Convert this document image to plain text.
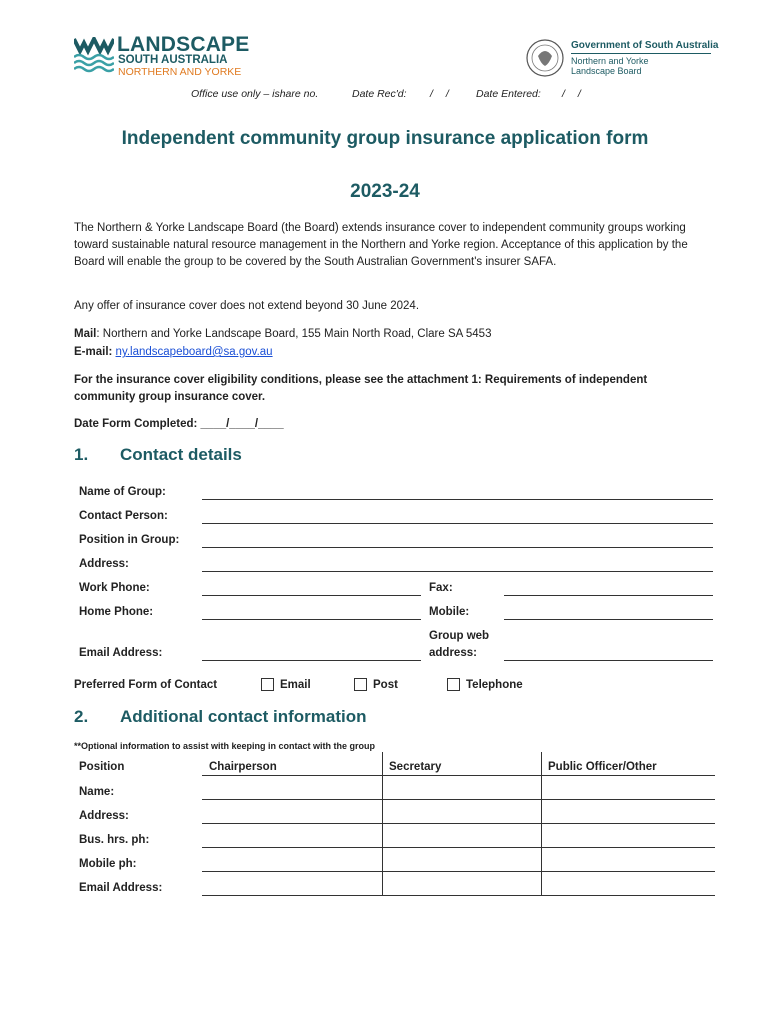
LANDSCAPE
SOUTH AUSTRALIA
NORTHERN AND YORKE
Government of South Australia
Northern and Yorke
Landscape Board
Office use only – ishare no.	Date Rec'd: / /	Date Entered: / /
Independent community group insurance application form
2023-24
The Northern & Yorke Landscape Board (the Board) extends insurance cover to independent community groups working toward sustainable natural resource management in the Northern and Yorke region. Acceptance of this application by the Board will enable the group to be covered by the South Australian Government's insurer SAFA.
Any offer of insurance cover does not extend beyond 30 June 2024.
Mail: Northern and Yorke Landscape Board, 155 Main North Road, Clare SA 5453
E-mail: ny.landscapeboard@sa.gov.au
For the insurance cover eligibility conditions, please see the attachment 1: Requirements of independent community group insurance cover.
Date Form Completed: ____/____/____
1. Contact details
Name of Group:
Contact Person:
Position in Group:
Address:
Work Phone:	Fax:
Home Phone:	Mobile:
Email Address:
Group web
address:
Preferred Form of Contact	Email	Post	Telephone
2. Additional contact information
**Optional information to assist with keeping in contact with the group
Position	Chairperson	Secretary	Public Officer/Other
Name:
Address:
Bus. hrs. ph:
Mobile ph:
Email Address:
